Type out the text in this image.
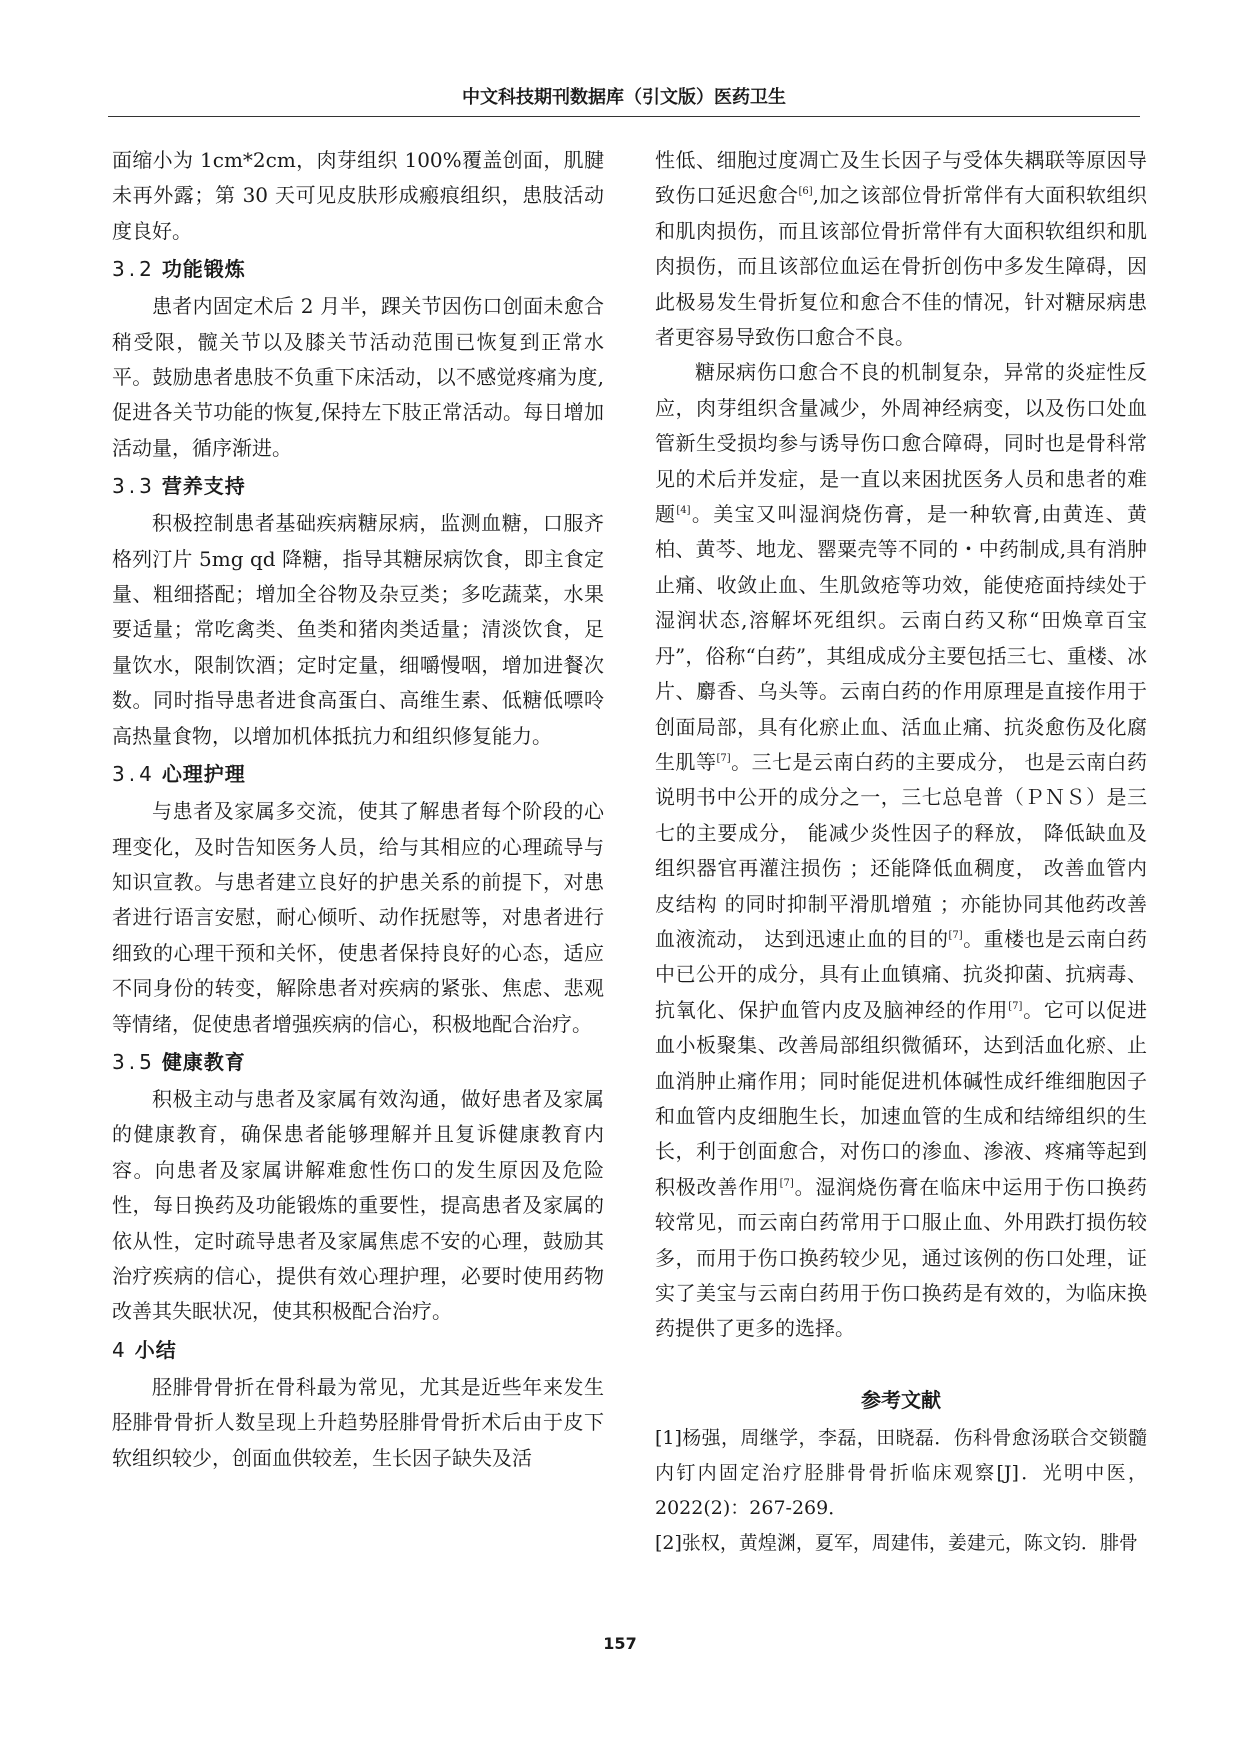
中文科技期刊数据库（引文版）医药卫生

面缩小为 1cm*2cm，肉芽组织 100%覆盖创面，肌腱未再外露；第 30 天可见皮肤形成瘢痕组织，患肢活动度良好。

3.2 功能锻炼

患者内固定术后 2 月半，踝关节因伤口创面未愈合稍受限，髋关节以及膝关节活动范围已恢复到正常水平。鼓励患者患肢不负重下床活动，以不感觉疼痛为度,促进各关节功能的恢复,保持左下肢正常活动。每日增加活动量，循序渐进。

3.3 营养支持

积极控制患者基础疾病糖尿病，监测血糖，口服齐格列汀片 5mg qd 降糖，指导其糖尿病饮食，即主食定量、粗细搭配；增加全谷物及杂豆类；多吃蔬菜，水果要适量；常吃禽类、鱼类和猪肉类适量；清淡饮食，足量饮水，限制饮酒；定时定量，细嚼慢咽，增加进餐次数。同时指导患者进食高蛋白、高维生素、低糖低嘌呤高热量食物，以增加机体抵抗力和组织修复能力。

3.4 心理护理

与患者及家属多交流，使其了解患者每个阶段的心理变化，及时告知医务人员，给与其相应的心理疏导与知识宣教。与患者建立良好的护患关系的前提下，对患者进行语言安慰，耐心倾听、动作抚慰等，对患者进行细致的心理干预和关怀，使患者保持良好的心态，适应不同身份的转变，解除患者对疾病的紧张、焦虑、悲观等情绪，促使患者增强疾病的信心，积极地配合治疗。

3.5 健康教育

积极主动与患者及家属有效沟通，做好患者及家属的健康教育，确保患者能够理解并且复诉健康教育内容。向患者及家属讲解难愈性伤口的发生原因及危险性，每日换药及功能锻炼的重要性，提高患者及家属的依从性，定时疏导患者及家属焦虑不安的心理，鼓励其治疗疾病的信心，提供有效心理护理，必要时使用药物改善其失眠状况，使其积极配合治疗。

4 小结

胫腓骨骨折在骨科最为常见，尤其是近些年来发生胫腓骨骨折人数呈现上升趋势胫腓骨骨折术后由于皮下软组织较少，创面血供较差，生长因子缺失及活

性低、细胞过度凋亡及生长因子与受体失耦联等原因导致伤口延迟愈合[6],加之该部位骨折常伴有大面积软组织和肌肉损伤，而且该部位骨折常伴有大面积软组织和肌肉损伤，而且该部位血运在骨折创伤中多发生障碍，因此极易发生骨折复位和愈合不佳的情况，针对糖尿病患者更容易导致伤口愈合不良。

糖尿病伤口愈合不良的机制复杂，异常的炎症性反应，肉芽组织含量减少，外周神经病变，以及伤口处血管新生受损均参与诱导伤口愈合障碍，同时也是骨科常见的术后并发症，是一直以来困扰医务人员和患者的难题[4]。美宝又叫湿润烧伤膏，是一种软膏,由黄连、黄柏、黄芩、地龙、罂粟壳等不同的・中药制成,具有消肿止痛、收敛止血、生肌敛疮等功效，能使疮面持续处于湿润状态,溶解坏死组织。云南白药又称“田焕章百宝丹”，俗称“白药”，其组成成分主要包括三七、重楼、冰片、麝香、乌头等。云南白药的作用原理是直接作用于创面局部，具有化瘀止血、活血止痛、抗炎愈伤及化腐生肌等[7]。三七是云南白药的主要成分， 也是云南白药说明书中公开的成分之一，三七总皂普（ＰＮＳ）是三七的主要成分， 能减少炎性因子的释放， 降低缺血及组织器官再灌注损伤 ；还能降低血稠度， 改善血管内皮结构 的同时抑制平滑肌增殖 ；亦能协同其他药改善血液流动， 达到迅速止血的目的[7]。重楼也是云南白药中已公开的成分，具有止血镇痛、抗炎抑菌、抗病毒、抗氧化、保护血管内皮及脑神经的作用[7]。它可以促进血小板聚集、改善局部组织微循环，达到活血化瘀、止血消肿止痛作用；同时能促进机体碱性成纤维细胞因子和血管内皮细胞生长，加速血管的生成和结缔组织的生长，利于创面愈合，对伤口的渗血、渗液、疼痛等起到积极改善作用[7]。湿润烧伤膏在临床中运用于伤口换药较常见，而云南白药常用于口服止血、外用跌打损伤较多，而用于伤口换药较少见，通过该例的伤口处理，证实了美宝与云南白药用于伤口换药是有效的，为临床换药提供了更多的选择。

参考文献

[1]杨强，周继学，李磊，田晓磊．伤科骨愈汤联合交锁髓内钉内固定治疗胫腓骨骨折临床观察[J]．光明中医，2022(2)：267-269．

[2]张权，黄煌渊，夏军，周建伟，姜建元，陈文钧．腓骨

157
